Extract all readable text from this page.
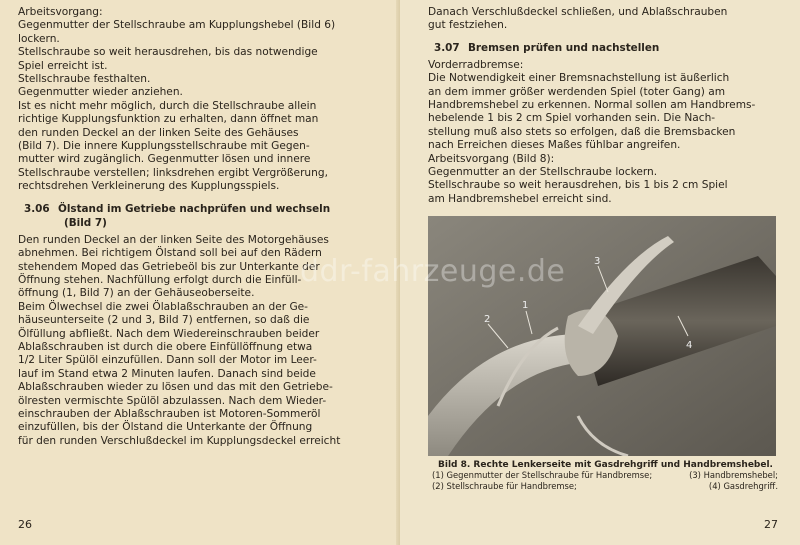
Arbeitsvorgang:
Gegenmutter der Stellschraube am Kupplungshebel (Bild 6)
lockern.
Stellschraube so weit herausdrehen, bis das notwendige
Spiel erreicht ist.
Stellschraube festhalten.
Gegenmutter wieder anziehen.
Ist es nicht mehr möglich, durch die Stellschraube allein
richtige Kupplungsfunktion zu erhalten, dann öffnet man
den runden Deckel an der linken Seite des Gehäuses
(Bild 7). Die innere Kupplungsstellschraube mit Gegen-
mutter wird zugänglich. Gegenmutter lösen und innere
Stellschraube verstellen; linksdrehen ergibt Vergrößerung,
rechtsdrehen Verkleinerung des Kupplungsspiels.
3.06 Ölstand im Getriebe nachprüfen und wechseln
(Bild 7)
Den runden Deckel an der linken Seite des Motorgehäuses
abnehmen. Bei richtigem Ölstand soll bei auf den Rädern
stehendem Moped das Getriebeöl bis zur Unterkante der
Öffnung stehen. Nachfüllung erfolgt durch die Einfüll-
öffnung (1, Bild 7) an der Gehäuseoberseite.
Beim Ölwechsel die zwei Ölablaßschrauben an der Ge-
häuseunterseite (2 und 3, Bild 7) entfernen, so daß die
Ölfüllung abfließt. Nach dem Wiedereinschrauben beider
Ablaßschrauben ist durch die obere Einfüllöffnung etwa
1/2 Liter Spülöl einzufüllen. Dann soll der Motor im Leer-
lauf im Stand etwa 2 Minuten laufen. Danach sind beide
Ablaßschrauben wieder zu lösen und das mit den Getriebe-
ölresten vermischte Spülöl abzulassen. Nach dem Wieder-
einschrauben der Ablaßschrauben ist Motoren-Sommeröl
einzufüllen, bis der Ölstand die Unterkante der Öffnung
für den runden Verschlußdeckel im Kupplungsdeckel erreicht
26
Danach Verschlußdeckel schließen, und Ablaßschrauben
gut festziehen.
3.07 Bremsen prüfen und nachstellen
Vorderradbremse:
Die Notwendigkeit einer Bremsnachstellung ist äußerlich
an dem immer größer werdenden Spiel (toter Gang) am
Handbremshebel zu erkennen. Normal sollen am Handbrems-
hebelende 1 bis 2 cm Spiel vorhanden sein. Die Nach-
stellung muß also stets so erfolgen, daß die Bremsbacken
nach Erreichen dieses Maßes fühlbar angreifen.
Arbeitsvorgang (Bild 8):
Gegenmutter an der Stellschraube lockern.
Stellschraube so weit herausdrehen, bis 1 bis 2 cm Spiel
am Handbremshebel erreicht sind.
2
1
3
4
Bild 8. Rechte Lenkerseite mit Gasdrehgriff und Handbremshebel.
(1) Gegenmutter der Stellschraube für Handbremse;	(3) Handbremshebel;
(2) Stellschraube für Handbremse;	(4) Gasdrehgriff.
27
ddr-fahrzeuge.de
